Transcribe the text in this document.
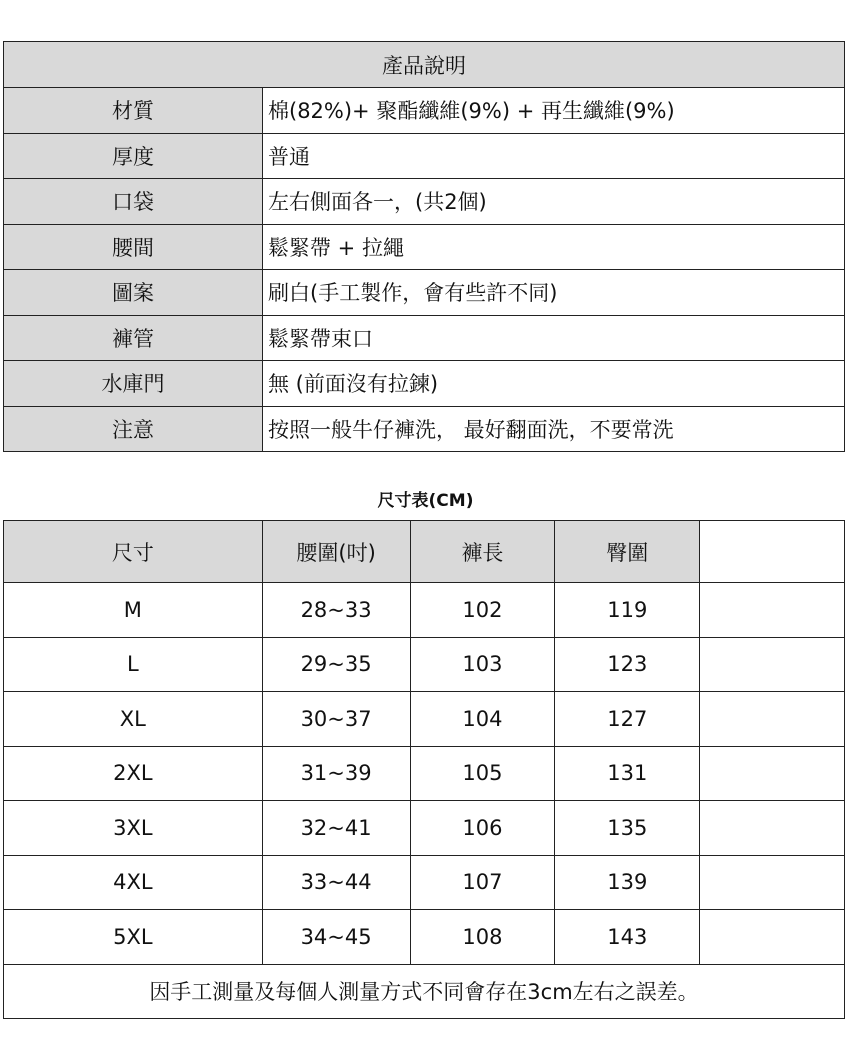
產品說明	
材質	棉(82%)+ 聚酯纖維(9%) + 再生纖維(9%)
厚度	普通
口袋	左右側面各一，(共2個)
腰間	鬆緊帶 + 拉繩
圖案	刷白(手工製作，會有些許不同)
褲管	鬆緊帶束口
水庫門	無 (前面沒有拉鍊)
注意	按照一般牛仔褲洗， 最好翻面洗，不要常洗
尺寸表(CM)
尺寸	腰圍(吋)	褲長	臀圍	
M	28~33	102	119	
L	29~35	103	123	
XL	30~37	104	127	
2XL	31~39	105	131	
3XL	32~41	106	135	
4XL	33~44	107	139	
5XL	34~45	108	143	
因手工測量及每個人測量方式不同會存在3cm左右之誤差。				
